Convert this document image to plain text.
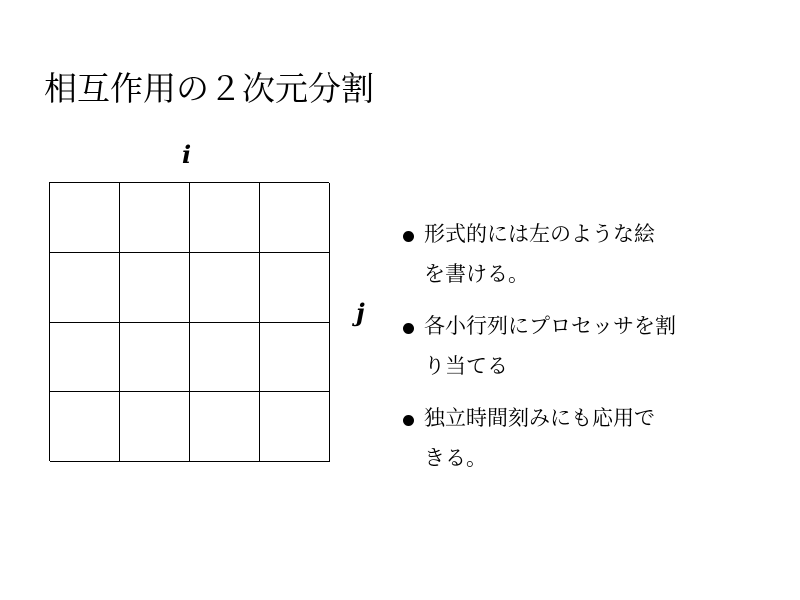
相互作用の２次元分割
i
j
形式的には左のような絵
を書ける。
各小行列にプロセッサを割
り当てる
独立時間刻みにも応用で
きる。
